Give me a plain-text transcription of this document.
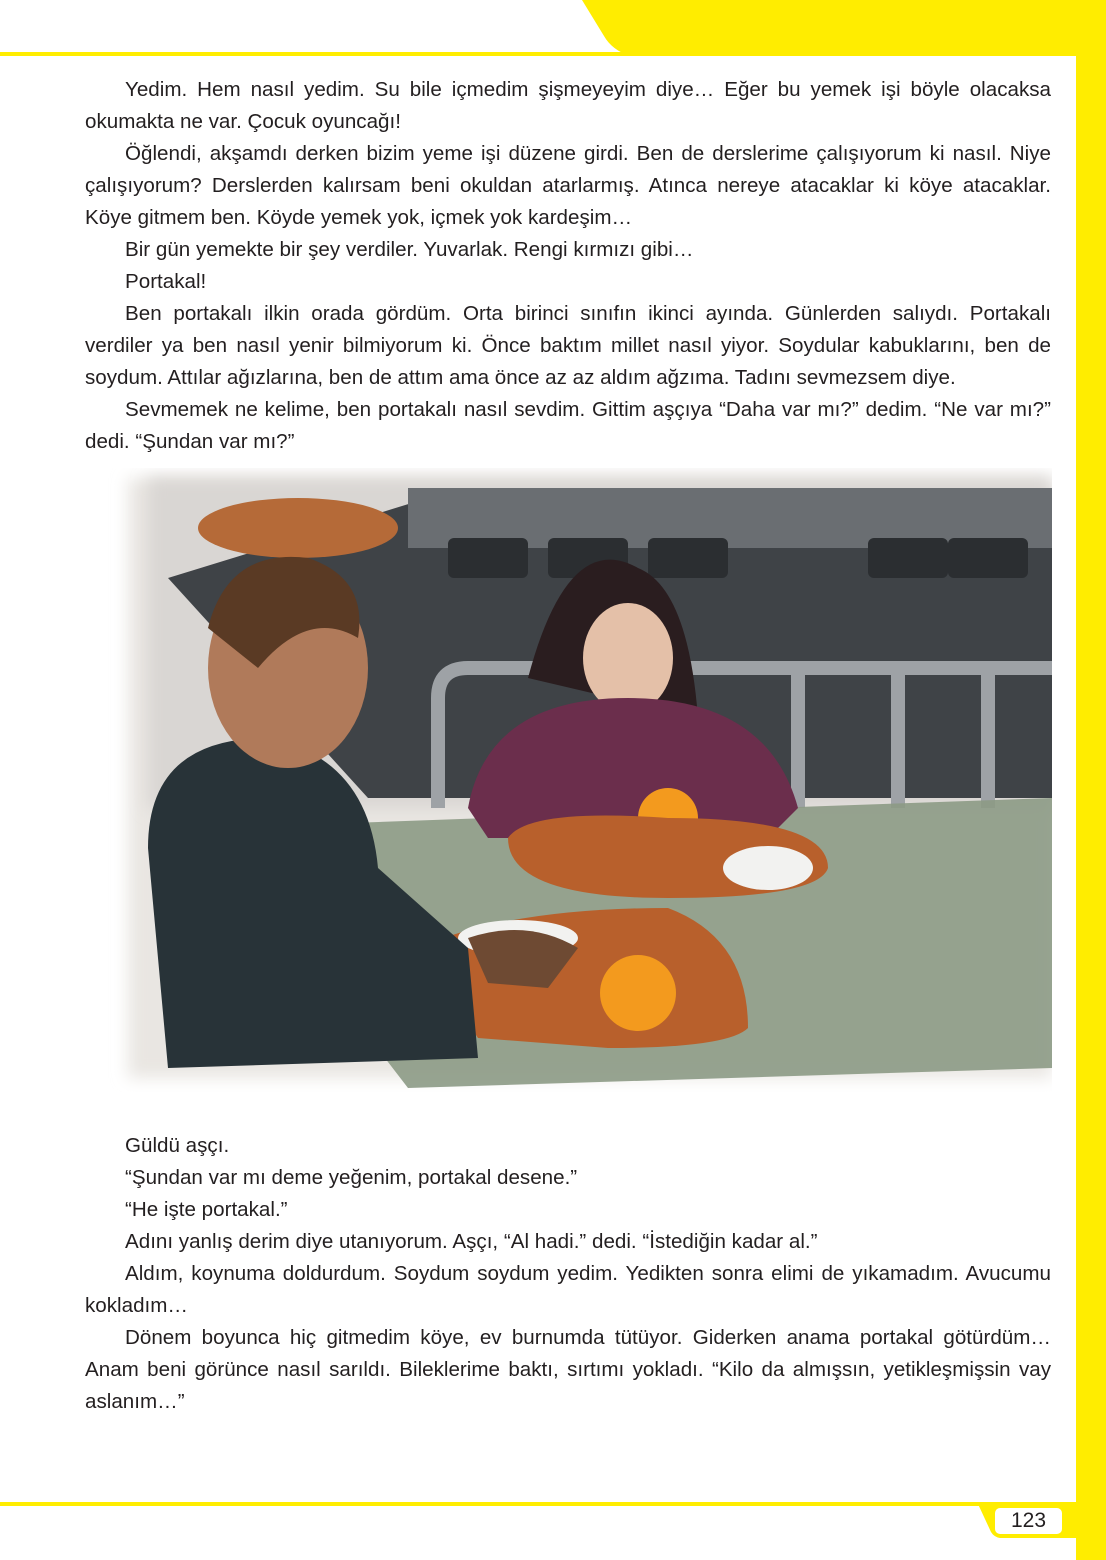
123

Yedim. Hem nasıl yedim. Su bile içmedim şişmeyeyim diye… Eğer bu yemek işi böyle olacaksa okumakta ne var. Çocuk oyuncağı!

Öğlendi, akşamdı derken bizim yeme işi düzene girdi. Ben de derslerime çalışıyorum ki nasıl. Niye çalışıyorum? Derslerden kalırsam beni okuldan atarlarmış. Atınca nereye atacaklar ki köye atacaklar. Köye gitmem ben. Köyde yemek yok, içmek yok kardeşim…

Bir gün yemekte bir şey verdiler. Yuvarlak. Rengi kırmızı gibi…

Portakal!

Ben portakalı ilkin orada gördüm. Orta birinci sınıfın ikinci ayında. Günlerden salıydı. Portakalı verdiler ya ben nasıl yenir bilmiyorum ki. Önce baktım millet nasıl yiyor. Soydular kabuklarını, ben de soydum. Attılar ağızlarına, ben de attım ama önce az az aldım ağzıma. Tadını sevmezsem diye.

Sevmemek ne kelime, ben portakalı nasıl sevdim. Gittim aşçıya “Daha var mı?” dedim. “Ne var mı?” dedi. “Şundan var mı?”

Güldü aşçı.

“Şundan var mı deme yeğenim, portakal desene.”

“He işte portakal.”

Adını yanlış derim diye utanıyorum. Aşçı, “Al hadi.” dedi. “İstediğin kadar al.”

Aldım, koynuma doldurdum. Soydum soydum yedim. Yedikten sonra elimi de yıkamadım. Avucumu kokladım…

Dönem boyunca hiç gitmedim köye, ev burnumda tütüyor. Giderken anama portakal götürdüm… Anam beni görünce nasıl sarıldı. Bileklerime baktı, sırtımı yokladı. “Kilo da almışsın, yetikleşmişsin vay aslanım…”
